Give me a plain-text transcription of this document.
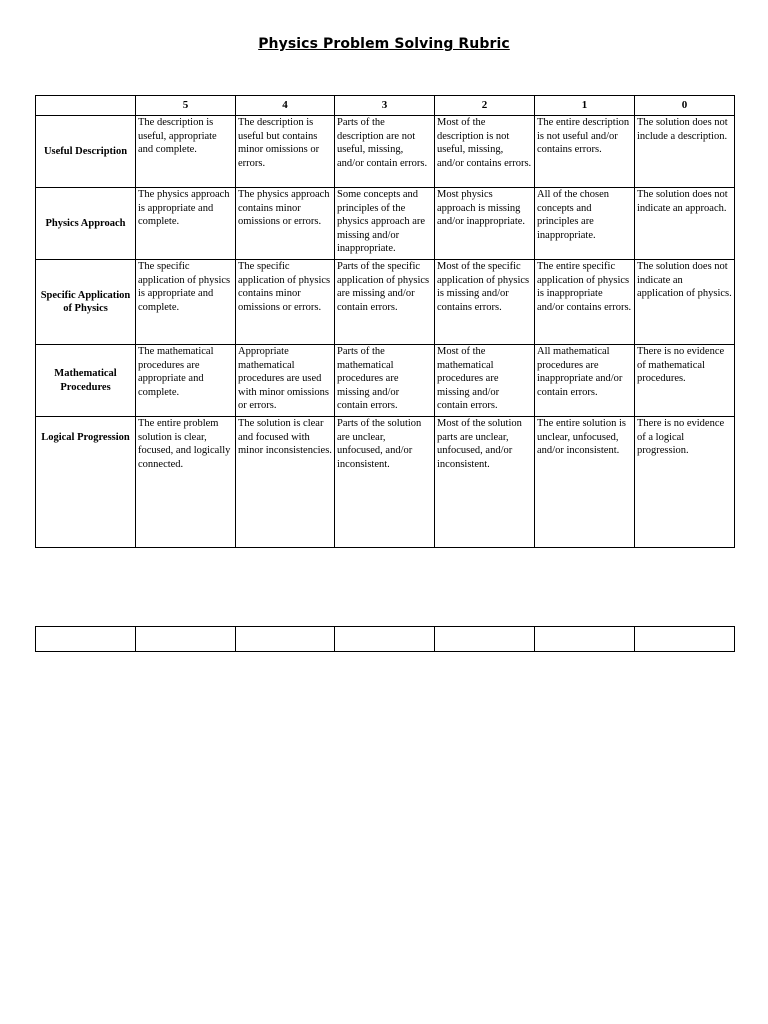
Physics Problem Solving Rubric
	5	4	3	2	1	0
Useful Description	The description is useful, appropriate and complete.	The description is useful but contains minor omissions or errors.	Parts of the description are not useful, missing, and/or contain errors.	Most of the description is not useful, missing, and/or contains errors.	The entire description is not useful and/or contains errors.	The solution does not include a description.
Physics Approach	The physics approach is appropriate and complete.	The physics approach contains minor omissions or errors.	Some concepts and principles of the physics approach are missing and/or inappropriate.	Most physics approach is missing and/or inappropriate.	All of the chosen concepts and principles are inappropriate.	The solution does not indicate an approach.
Specific Application of Physics	The specific application of physics is appropriate and complete.	The specific application of physics contains minor omissions or errors.	Parts of the specific application of physics are missing and/or contain errors.	Most of the specific application of physics is missing and/or contains errors.	The entire specific application of physics is inappropriate and/or contains errors.	The solution does not indicate an application of physics.
Mathematical Procedures	The mathematical procedures are appropriate and complete.	Appropriate mathematical procedures are used with minor omissions or errors.	Parts of the mathematical procedures are missing and/or contain errors.	Most of the mathematical procedures are missing and/or contain errors.	All mathematical procedures are inappropriate and/or contain errors.	There is no evidence of mathematical procedures.
Logical Progression	The entire problem solution is clear, focused, and logically connected.	The solution is clear and focused with minor inconsistencies.	Parts of the solution are unclear, unfocused, and/or inconsistent.	Most of the solution parts are unclear, unfocused, and/or inconsistent.	The entire solution is unclear, unfocused, and/or inconsistent.	There is no evidence of a logical progression.
